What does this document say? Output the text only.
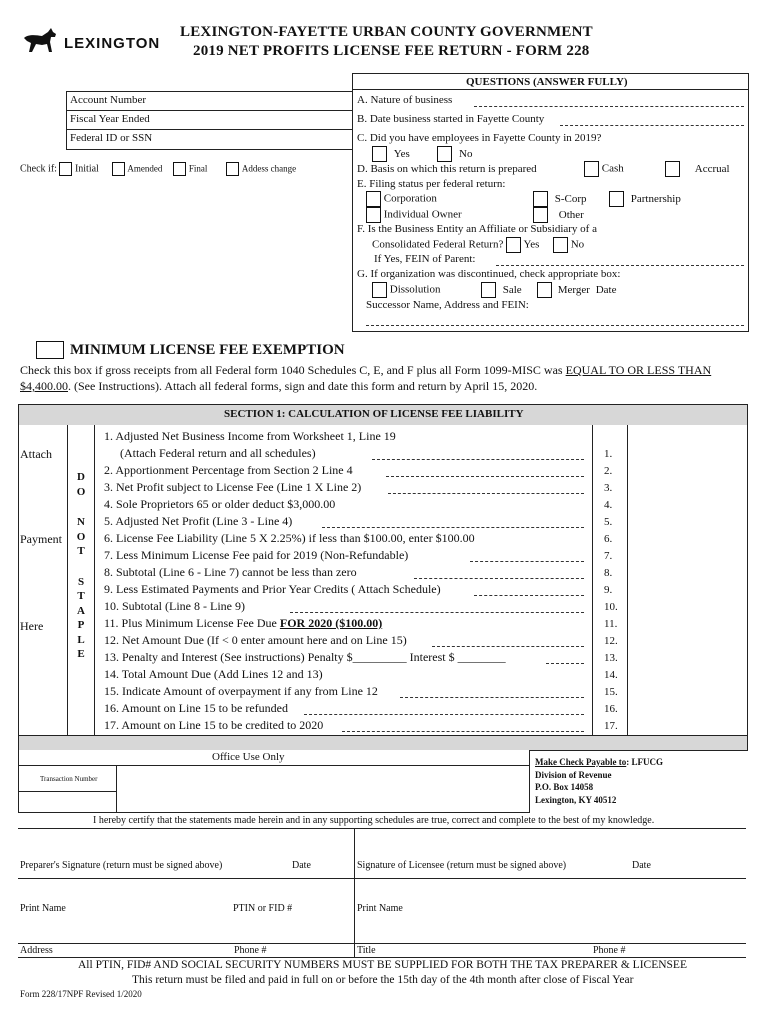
LEXINGTON
LEXINGTON-FAYETTE URBAN COUNTY GOVERNMENT
2019 NET PROFITS LICENSE FEE RETURN - FORM 228
Account Number
Fiscal Year Ended
Federal ID or SSN
Check if: Initial	Amended	Final	Addess change
QUESTIONS (ANSWER FULLY)
A. Nature of business
B. Date business started in Fayette County
C. Did you have employees in Fayette County in 2019?
Yes	No
D. Basis on which this return is prepared	Cash	Accrual
E. Filing status per federal return:
Corporation	S-Corp	Partnership
Individual Owner	Other
F. Is the Business Entity an Affiliate or Subsidiary of a
Consolidated Federal Return? Yes	No
If Yes, FEIN of Parent:
G. If organization was discontinued, check appropriate box:
Dissolution	Sale	Merger Date
Successor Name, Address and FEIN:
MINIMUM LICENSE FEE EXEMPTION
Check this box if gross receipts from all Federal form 1040 Schedules C, E, and F plus all Form 1099-MISC was EQUAL TO OR LESS THAN
$4,400.00. (See Instructions). Attach all federal forms, sign and date this form and return by April 15, 2020.
SECTION 1: CALCULATION OF LICENSE FEE LIABILITY
Attach
Payment
Here
D
O
N
O
T
S
T
A
P
L
E
1. Adjusted Net Business Income from Worksheet 1, Line 19
(Attach Federal return and all schedules)	1.
2. Apportionment Percentage from Section 2 Line 4	2.
3. Net Profit subject to License Fee (Line 1 X Line 2)	3.
4. Sole Proprietors 65 or older deduct $3,000.00	4.
5. Adjusted Net Profit (Line 3 - Line 4)	5.
6. License Fee Liability (Line 5 X 2.25%) if less than $100.00, enter $100.00	6.
7. Less Minimum License Fee paid for 2019 (Non-Refundable)	7.
8. Subtotal (Line 6 - Line 7) cannot be less than zero	8.
9. Less Estimated Payments and Prior Year Credits ( Attach Schedule)	9.
10. Subtotal (Line 8 - Line 9)	10.
11. Plus Minimum License Fee Due FOR 2020 ($100.00)	11.
12. Net Amount Due (If < 0 enter amount here and on Line 15)	12.
13. Penalty and Interest (See instructions) Penalty $_________ Interest $ ________	13.
14. Total Amount Due (Add Lines 12 and 13)	14.
15. Indicate Amount of overpayment if any from Line 12	15.
16. Amount on Line 15 to be refunded	16.
17. Amount on Line 15 to be credited to 2020	17.
Office Use Only
Transaction Number
Make Check Payable to: LFUCG
Division of Revenue
P.O. Box 14058
Lexington, KY 40512
I hereby certify that the statements made herein and in any supporting schedules are true, correct and complete to the best of my knowledge.
Preparer's Signature (return must be signed above)	Date	Signature of Licensee (return must be signed above)	Date
Print Name	PTIN or FID #	Print Name
Address	Phone #	Title	Phone #
All PTIN, FID# AND SOCIAL SECURITY NUMBERS MUST BE SUPPLIED FOR BOTH THE TAX PREPARER & LICENSEE
This return must be filed and paid in full on or before the 15th day of the 4th month after close of Fiscal Year
Form 228/17NPF Revised 1/2020
